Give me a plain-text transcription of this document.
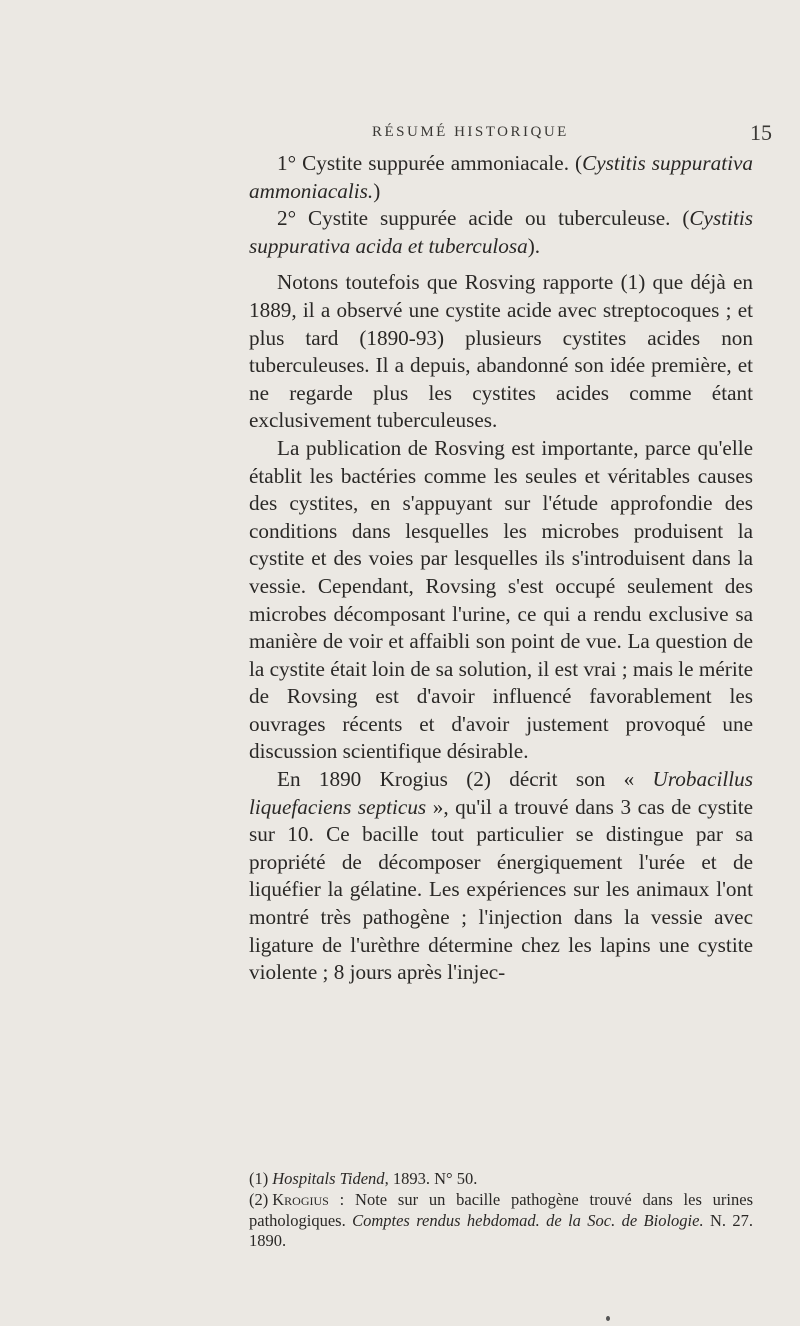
RÉSUMÉ HISTORIQUE	15

1° Cystite suppurée ammoniacale. (Cystitis suppurativa ammoniacalis.)

2° Cystite suppurée acide ou tuberculeuse. (Cystitis suppurativa acida et tuberculosa).

Notons toutefois que Rosving rapporte (1) que déjà en 1889, il a observé une cystite acide avec streptocoques ; et plus tard (1890-93) plusieurs cystites acides non tuberculeuses. Il a depuis, abandonné son idée première, et ne regarde plus les cystites acides comme étant exclusivement tuberculeuses.

La publication de Rosving est importante, parce qu'elle établit les bactéries comme les seules et véritables causes des cystites, en s'appuyant sur l'étude approfondie des conditions dans lesquelles les microbes produisent la cystite et des voies par lesquelles ils s'introduisent dans la vessie. Cependant, Rovsing s'est occupé seulement des microbes décomposant l'urine, ce qui a rendu exclusive sa manière de voir et affaibli son point de vue. La question de la cystite était loin de sa solution, il est vrai ; mais le mérite de Rovsing est d'avoir influencé favorablement les ouvrages récents et d'avoir justement provoqué une discussion scientifique désirable.

En 1890 Krogius (2) décrit son « Urobacillus liquefaciens septicus », qu'il a trouvé dans 3 cas de cystite sur 10. Ce bacille tout particulier se distingue par sa propriété de décomposer énergiquement l'urée et de liquéfier la gélatine. Les expériences sur les animaux l'ont montré très pathogène ; l'injection dans la vessie avec ligature de l'urèthre détermine chez les lapins une cystite violente ; 8 jours après l'injec-

(1) Hospitals Tidend, 1893. N° 50.

(2) Krogius : Note sur un bacille pathogène trouvé dans les urines pathologiques. Comptes rendus hebdomad. de la Soc. de Biologie. N. 27. 1890.
